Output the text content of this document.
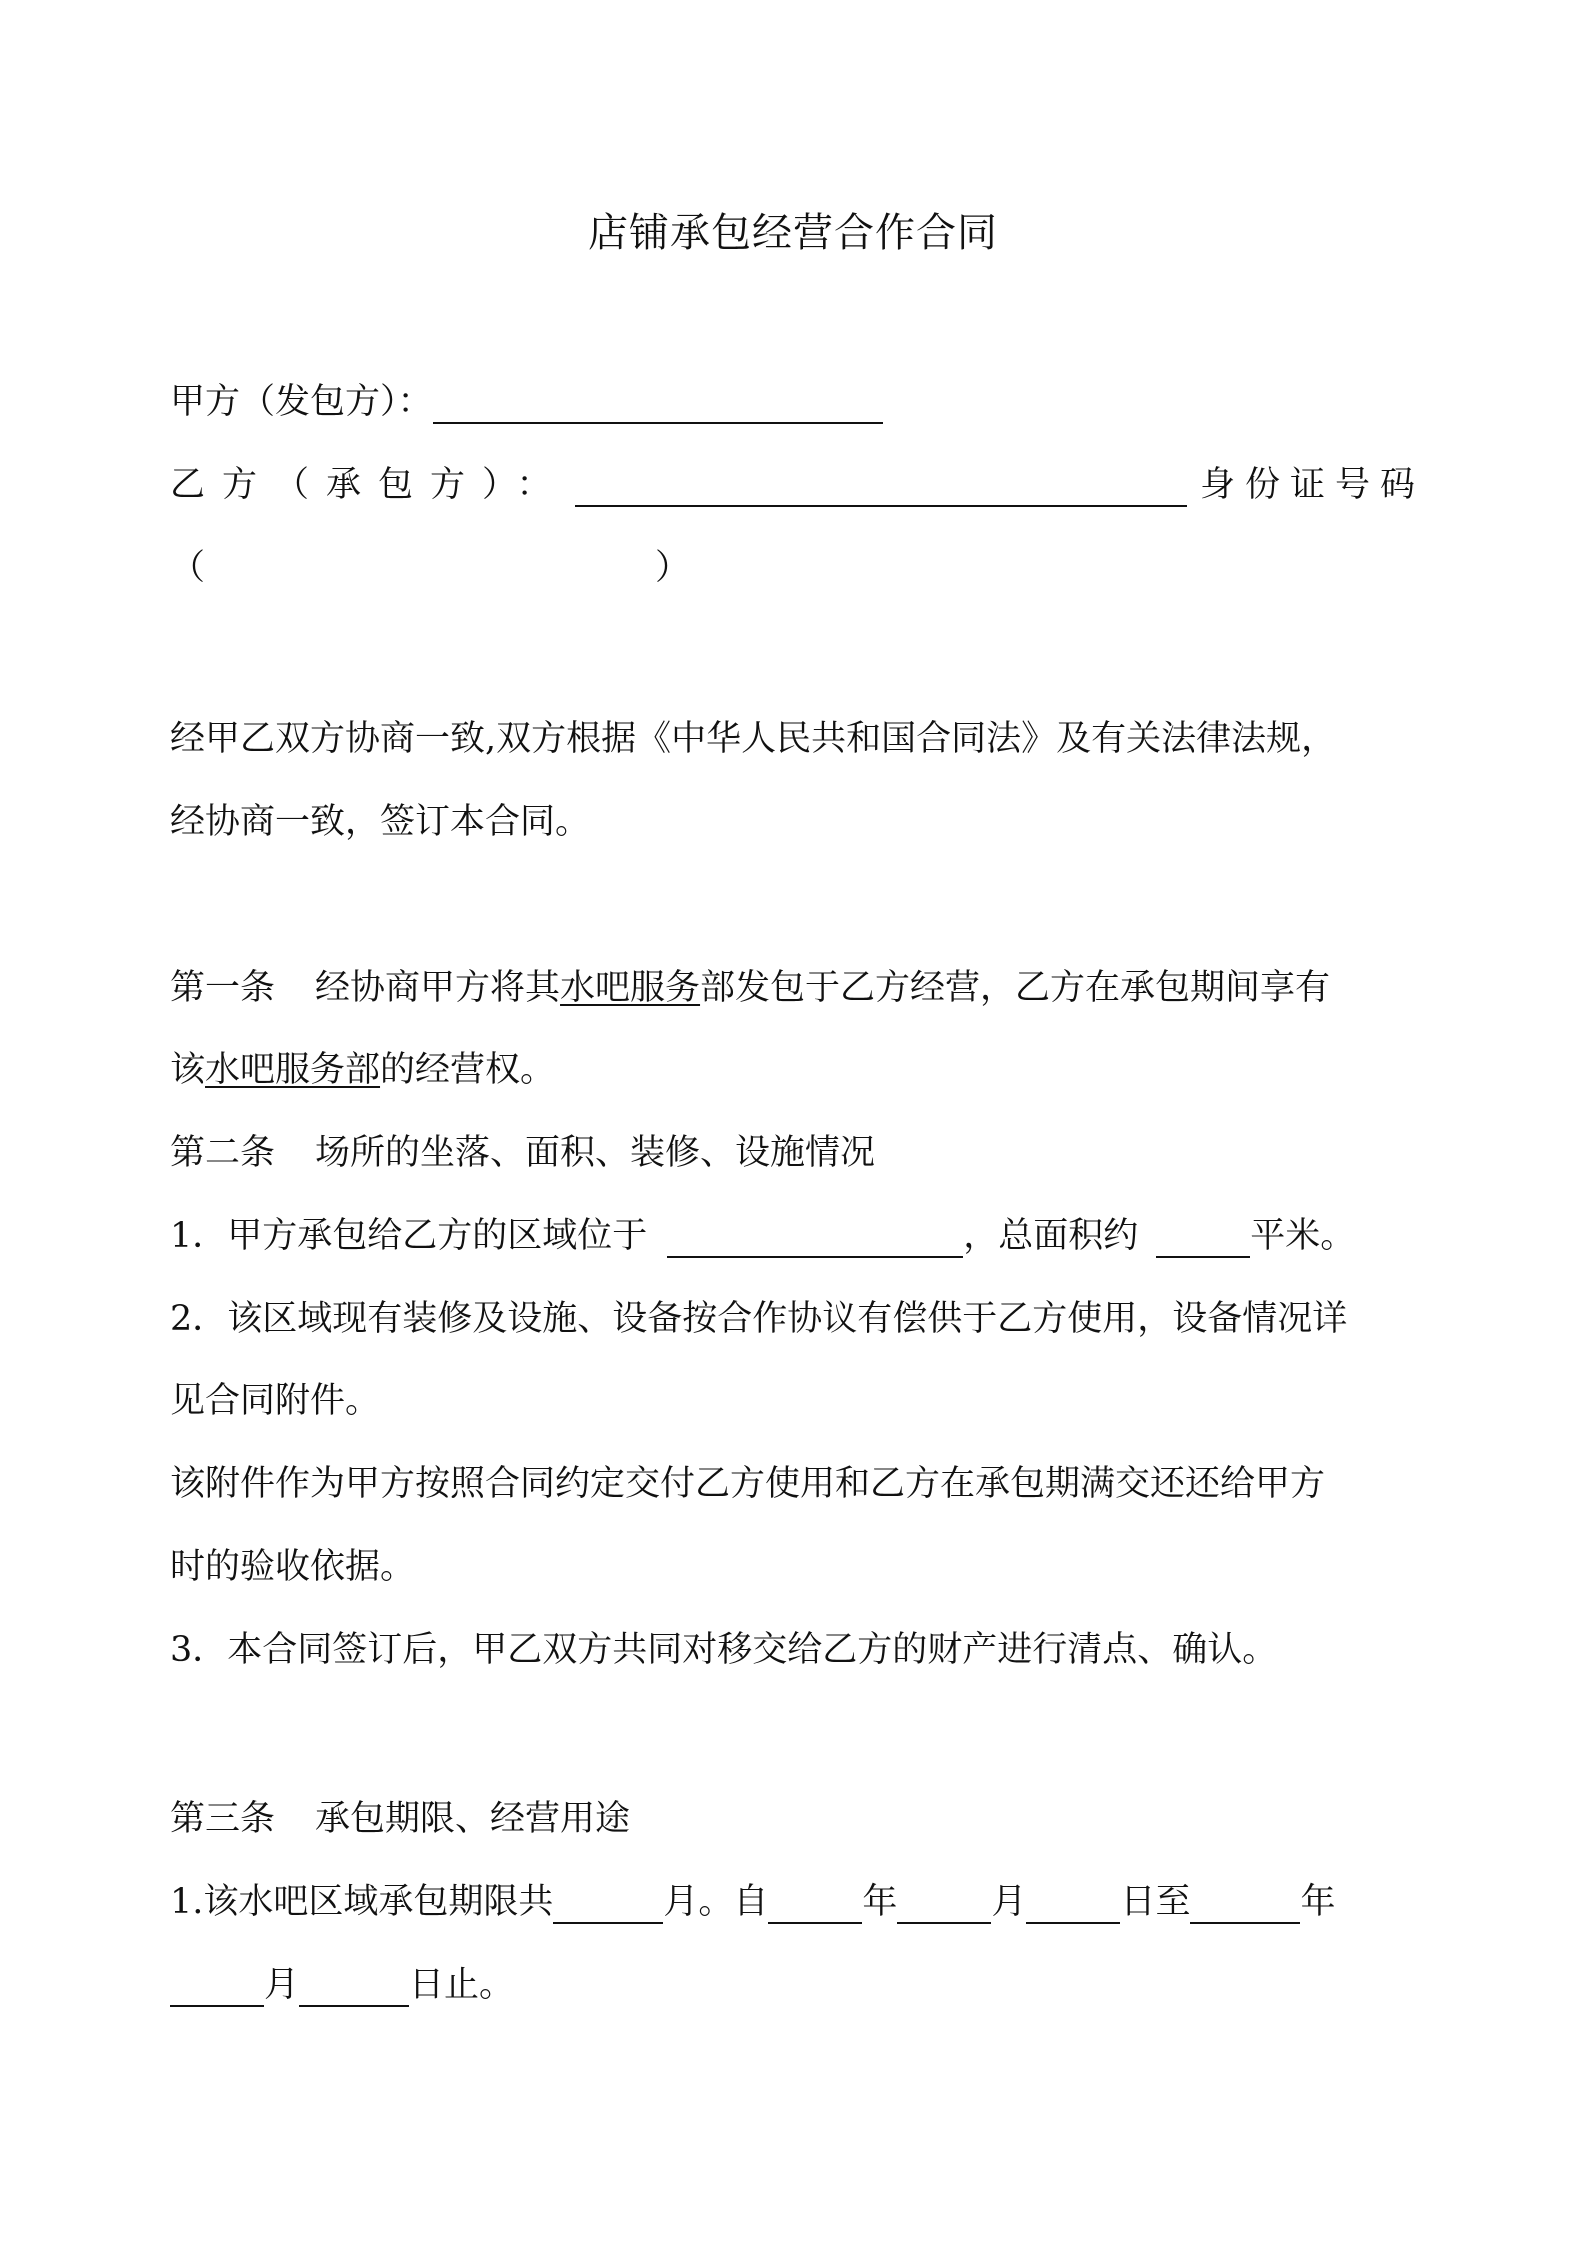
店铺承包经营合作合同
甲方（发包方）：
乙方（承包方）：	身份证号码
（	）
经甲乙双方协商一致,双方根据《中华人民共和国合同法》及有关法律法规，
经协商一致，签订本合同。
第一条 经协商甲方将其水吧服务部发包于乙方经营，乙方在承包期间享有
该水吧服务部的经营权。
第二条 场所的坐落、面积、装修、设施情况
1．甲方承包给乙方的区域位于	，总面积约	平米。
2．该区域现有装修及设施、设备按合作协议有偿供于乙方使用，设备情况详
见合同附件。
该附件作为甲方按照合同约定交付乙方使用和乙方在承包期满交还还给甲方
时的验收依据。
3．本合同签订后，甲乙双方共同对移交给乙方的财产进行清点、确认。
第三条 承包期限、经营用途
1.该水吧区域承包期限共	月。自	年	月	日至	年
月	日止。
